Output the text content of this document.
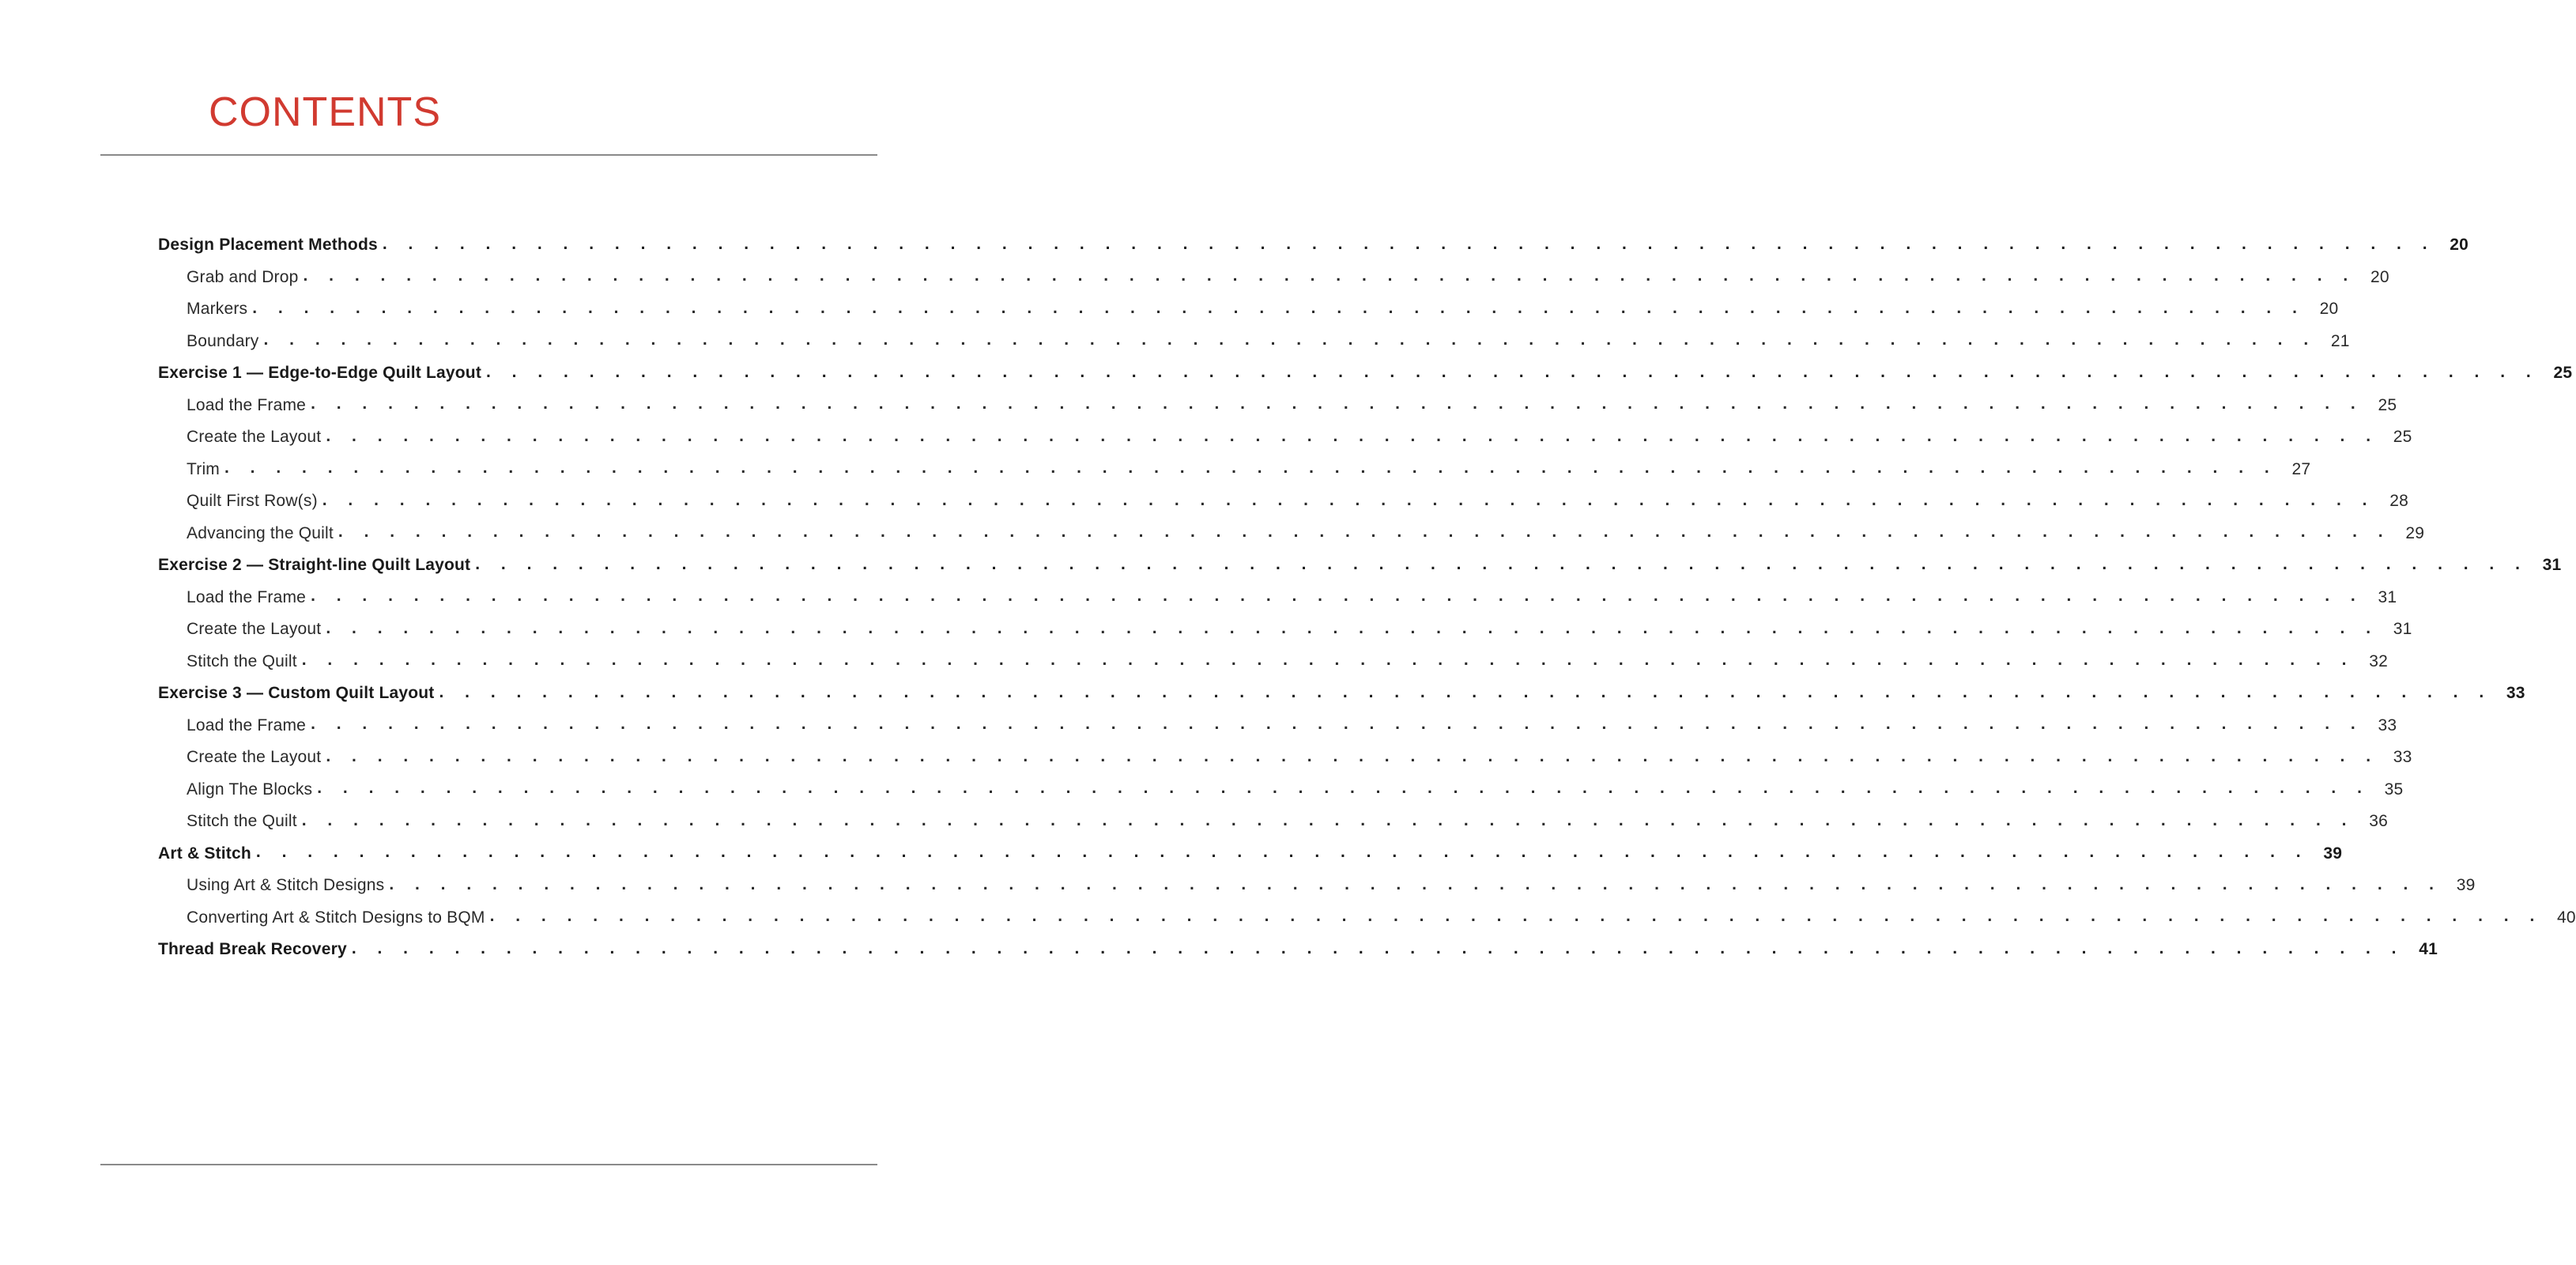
CONTENTS
Design Placement Methods . . . . . . . . . . . . . . . . . . . . . . . . . . . . . . . . . . . . . . . . . . . . . . . . . . . . . . . . . . . . . . . . . . . . . . . . . . . . . . . . 20
Grab and Drop . . . . . . . . . . . . . . . . . . . . . . . . . . . . . . . . . . . . . . . . . . . . . . . . . . . . . . . . . . . . . . . . . . . . . . . . . . . . . . . . 20
Markers . . . . . . . . . . . . . . . . . . . . . . . . . . . . . . . . . . . . . . . . . . . . . . . . . . . . . . . . . . . . . . . . . . . . . . . . . . . . . . . . 20
Boundary . . . . . . . . . . . . . . . . . . . . . . . . . . . . . . . . . . . . . . . . . . . . . . . . . . . . . . . . . . . . . . . . . . . . . . . . . . . . . . . . 21
Exercise 1 — Edge-to-Edge Quilt Layout . . . . . . . . . . . . . . . . . . . . . . . . . . . . . . . . . . . . . . . . . . . . . . . . . . . . . . . . . . . . . . . . . . . . . . . . . . . . . . . . 25
Load the Frame . . . . . . . . . . . . . . . . . . . . . . . . . . . . . . . . . . . . . . . . . . . . . . . . . . . . . . . . . . . . . . . . . . . . . . . . . . . . . . . . 25
Create the Layout . . . . . . . . . . . . . . . . . . . . . . . . . . . . . . . . . . . . . . . . . . . . . . . . . . . . . . . . . . . . . . . . . . . . . . . . . . . . . . . . 25
Trim . . . . . . . . . . . . . . . . . . . . . . . . . . . . . . . . . . . . . . . . . . . . . . . . . . . . . . . . . . . . . . . . . . . . . . . . . . . . . . . . 27
Quilt First Row(s) . . . . . . . . . . . . . . . . . . . . . . . . . . . . . . . . . . . . . . . . . . . . . . . . . . . . . . . . . . . . . . . . . . . . . . . . . . . . . . . . 28
Advancing the Quilt . . . . . . . . . . . . . . . . . . . . . . . . . . . . . . . . . . . . . . . . . . . . . . . . . . . . . . . . . . . . . . . . . . . . . . . . . . . . . . . . 29
Exercise 2 — Straight-line Quilt Layout . . . . . . . . . . . . . . . . . . . . . . . . . . . . . . . . . . . . . . . . . . . . . . . . . . . . . . . . . . . . . . . . . . . . . . . . . . . . . . . . 31
Load the Frame . . . . . . . . . . . . . . . . . . . . . . . . . . . . . . . . . . . . . . . . . . . . . . . . . . . . . . . . . . . . . . . . . . . . . . . . . . . . . . . . 31
Create the Layout . . . . . . . . . . . . . . . . . . . . . . . . . . . . . . . . . . . . . . . . . . . . . . . . . . . . . . . . . . . . . . . . . . . . . . . . . . . . . . . . 31
Stitch the Quilt . . . . . . . . . . . . . . . . . . . . . . . . . . . . . . . . . . . . . . . . . . . . . . . . . . . . . . . . . . . . . . . . . . . . . . . . . . . . . . . . 32
Exercise 3 — Custom Quilt Layout . . . . . . . . . . . . . . . . . . . . . . . . . . . . . . . . . . . . . . . . . . . . . . . . . . . . . . . . . . . . . . . . . . . . . . . . . . . . . . . . 33
Load the Frame . . . . . . . . . . . . . . . . . . . . . . . . . . . . . . . . . . . . . . . . . . . . . . . . . . . . . . . . . . . . . . . . . . . . . . . . . . . . . . . . 33
Create the Layout . . . . . . . . . . . . . . . . . . . . . . . . . . . . . . . . . . . . . . . . . . . . . . . . . . . . . . . . . . . . . . . . . . . . . . . . . . . . . . . . 33
Align The Blocks . . . . . . . . . . . . . . . . . . . . . . . . . . . . . . . . . . . . . . . . . . . . . . . . . . . . . . . . . . . . . . . . . . . . . . . . . . . . . . . . 35
Stitch the Quilt . . . . . . . . . . . . . . . . . . . . . . . . . . . . . . . . . . . . . . . . . . . . . . . . . . . . . . . . . . . . . . . . . . . . . . . . . . . . . . . . 36
Art & Stitch . . . . . . . . . . . . . . . . . . . . . . . . . . . . . . . . . . . . . . . . . . . . . . . . . . . . . . . . . . . . . . . . . . . . . . . . . . . . . . . . 39
Using Art & Stitch Designs . . . . . . . . . . . . . . . . . . . . . . . . . . . . . . . . . . . . . . . . . . . . . . . . . . . . . . . . . . . . . . . . . . . . . . . . . . . . . . . . 39
Converting Art & Stitch Designs to BQM . . . . . . . . . . . . . . . . . . . . . . . . . . . . . . . . . . . . . . . . . . . . . . . . . . . . . . . . . . . . . . . . . . . . . . . . . . . . . . . . 40
Thread Break Recovery . . . . . . . . . . . . . . . . . . . . . . . . . . . . . . . . . . . . . . . . . . . . . . . . . . . . . . . . . . . . . . . . . . . . . . . . . . . . . . . . 41
